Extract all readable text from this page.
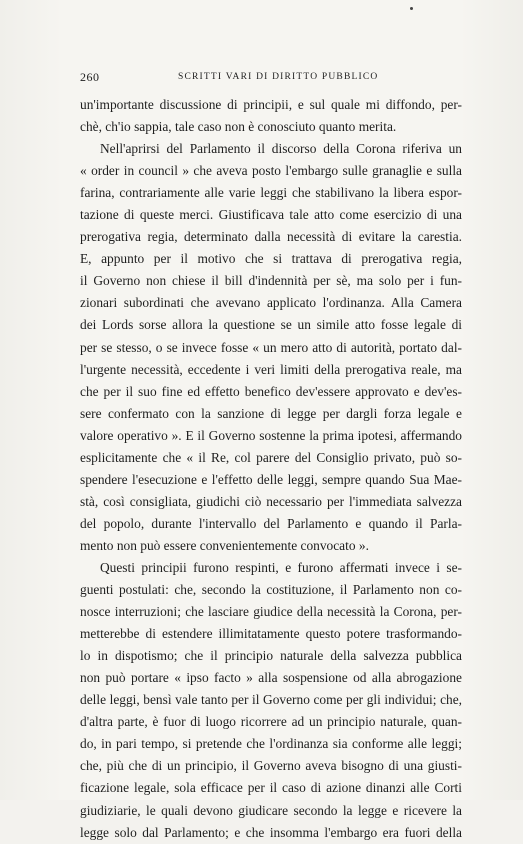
260	SCRITTI VARI DI DIRITTO PUBBLICO
un'importante discussione di principii, e sul quale mi diffondo, per-
chè, ch'io sappia, tale caso non è conosciuto quanto merita.
Nell'aprirsi del Parlamento il discorso della Corona riferiva un
« order in council » che aveva posto l'embargo sulle granaglie e sulla
farina, contrariamente alle varie leggi che stabilivano la libera espor-
tazione di queste merci. Giustificava tale atto come esercizio di una
prerogativa regia, determinato dalla necessità di evitare la carestia.
E, appunto per il motivo che si trattava di prerogativa regia,
il Governo non chiese il bill d'indennità per sè, ma solo per i fun-
zionari subordinati che avevano applicato l'ordinanza. Alla Camera
dei Lords sorse allora la questione se un simile atto fosse legale di
per se stesso, o se invece fosse « un mero atto di autorità, portato dal-
l'urgente necessità, eccedente i veri limiti della prerogativa reale, ma
che per il suo fine ed effetto benefico dev'essere approvato e dev'es-
sere confermato con la sanzione di legge per dargli forza legale e
valore operativo ». E il Governo sostenne la prima ipotesi, affermando
esplicitamente che « il Re, col parere del Consiglio privato, può so-
spendere l'esecuzione e l'effetto delle leggi, sempre quando Sua Mae-
stà, così consigliata, giudichi ciò necessario per l'immediata salvezza
del popolo, durante l'intervallo del Parlamento e quando il Parla-
mento non può essere convenientemente convocato ».
Questi principii furono respinti, e furono affermati invece i se-
guenti postulati: che, secondo la costituzione, il Parlamento non co-
nosce interruzioni; che lasciare giudice della necessità la Corona, per-
metterebbe di estendere illimitatamente questo potere trasformando-
lo in dispotismo; che il principio naturale della salvezza pubblica
non può portare « ipso facto » alla sospensione od alla abrogazione
delle leggi, bensì vale tanto per il Governo come per gli individui; che,
d'altra parte, è fuor di luogo ricorrere ad un principio naturale, quan-
do, in pari tempo, si pretende che l'ordinanza sia conforme alle leggi;
che, più che di un principio, il Governo aveva bisogno di una giusti-
ficazione legale, sola efficace per il caso di azione dinanzi alle Corti
giudiziarie, le quali devono giudicare secondo la legge e ricevere la
legge solo dal Parlamento; e che insomma l'embargo era fuori della
